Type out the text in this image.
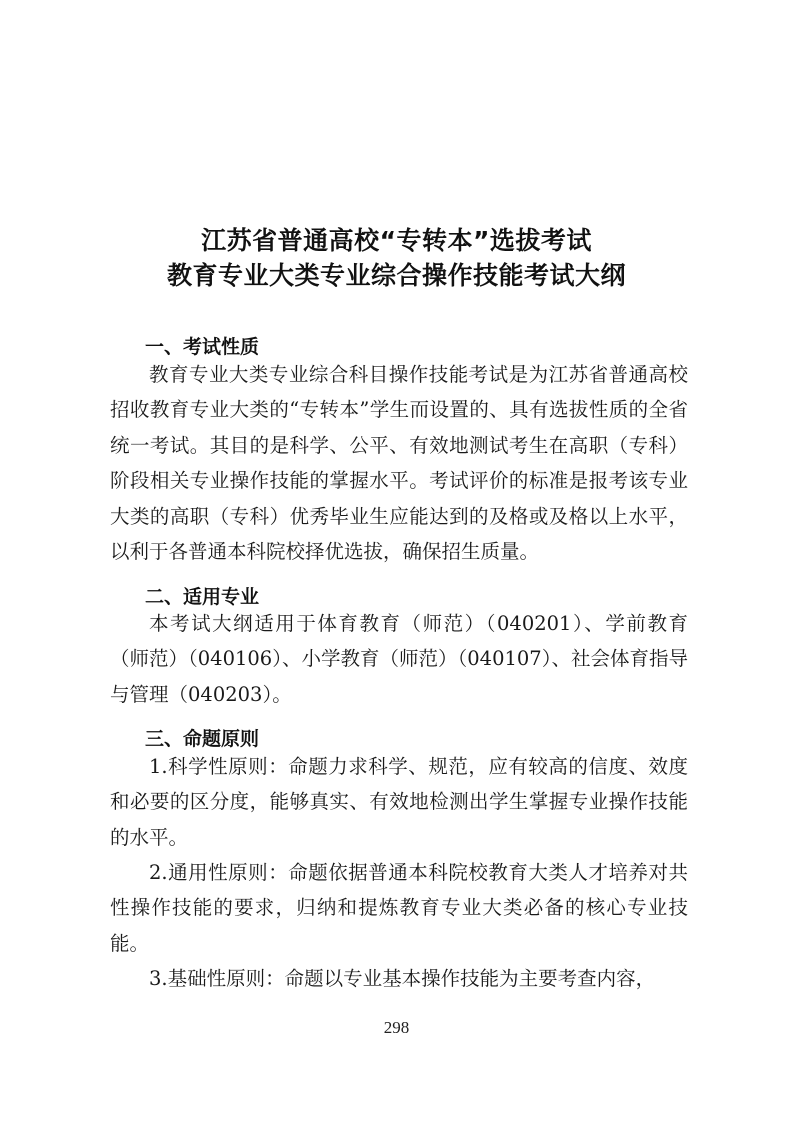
江苏省普通高校“专转本”选拔考试
教育专业大类专业综合操作技能考试大纲
一、考试性质

教育专业大类专业综合科目操作技能考试是为江苏省普通高校招收教育专业大类的“专转本”学生而设置的、具有选拔性质的全省统一考试。其目的是科学、公平、有效地测试考生在高职（专科）阶段相关专业操作技能的掌握水平。考试评价的标准是报考该专业大类的高职（专科）优秀毕业生应能达到的及格或及格以上水平，以利于各普通本科院校择优选拔，确保招生质量。

二、适用专业

本考试大纲适用于体育教育（师范）（040201）、学前教育（师范）（040106）、小学教育（师范）（040107）、社会体育指导与管理（040203）。

三、命题原则

1.科学性原则：命题力求科学、规范，应有较高的信度、效度和必要的区分度，能够真实、有效地检测出学生掌握专业操作技能的水平。

2.通用性原则：命题依据普通本科院校教育大类人才培养对共性操作技能的要求，归纳和提炼教育专业大类必备的核心专业技能。

3.基础性原则：命题以专业基本操作技能为主要考查内容，

298
